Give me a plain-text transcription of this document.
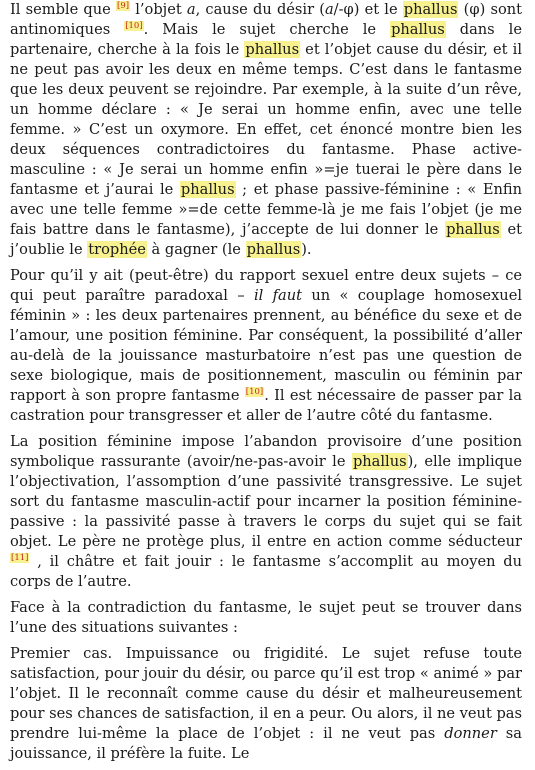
Il semble que [9] l’objet a, cause du désir (a/-φ) et le phallus (φ) sont antinomiques [10]. Mais le sujet cherche le phallus dans le partenaire, cherche à la fois le phallus et l’objet cause du désir, et il ne peut pas avoir les deux en même temps. C’est dans le fantasme que les deux peuvent se rejoindre. Par exemple, à la suite d’un rêve, un homme déclare : « Je serai un homme enfin, avec une telle femme. » C’est un oxymore. En effet, cet énoncé montre bien les deux séquences contradictoires du fantasme. Phase active-masculine : « Je serai un homme enfin »=je tuerai le père dans le fantasme et j’aurai le phallus ; et phase passive-féminine : « Enfin avec une telle femme »=de cette femme-là je me fais l’objet (je me fais battre dans le fantasme), j’accepte de lui donner le phallus et j’oublie le trophée à gagner (le phallus).

Pour qu’il y ait (peut-être) du rapport sexuel entre deux sujets – ce qui peut paraître paradoxal – il faut un « couplage homosexuel féminin » : les deux partenaires prennent, au bénéfice du sexe et de l’amour, une position féminine. Par conséquent, la possibilité d’aller au-delà de la jouissance masturbatoire n’est pas une question de sexe biologique, mais de positionnement, masculin ou féminin par rapport à son propre fantasme [10]. Il est nécessaire de passer par la castration pour transgresser et aller de l’autre côté du fantasme.

La position féminine impose l’abandon provisoire d’une position symbolique rassurante (avoir/ne-pas-avoir le phallus), elle implique l’objectivation, l’assomption d’une passivité transgressive. Le sujet sort du fantasme masculin-actif pour incarner la position féminine-passive : la passivité passe à travers le corps du sujet qui se fait objet. Le père ne protège plus, il entre en action comme séducteur [11] , il châtre et fait jouir : le fantasme s’accomplit au moyen du corps de l’autre.

Face à la contradiction du fantasme, le sujet peut se trouver dans l’une des situations suivantes :

Premier cas. Impuissance ou frigidité. Le sujet refuse toute satisfaction, pour jouir du désir, ou parce qu’il est trop « animé » par l’objet. Il le reconnaît comme cause du désir et malheureusement pour ses chances de satisfaction, il en a peur. Ou alors, il ne veut pas prendre lui-même la place de l’objet : il ne veut pas donner sa jouissance, il préfère la fuite. Le
